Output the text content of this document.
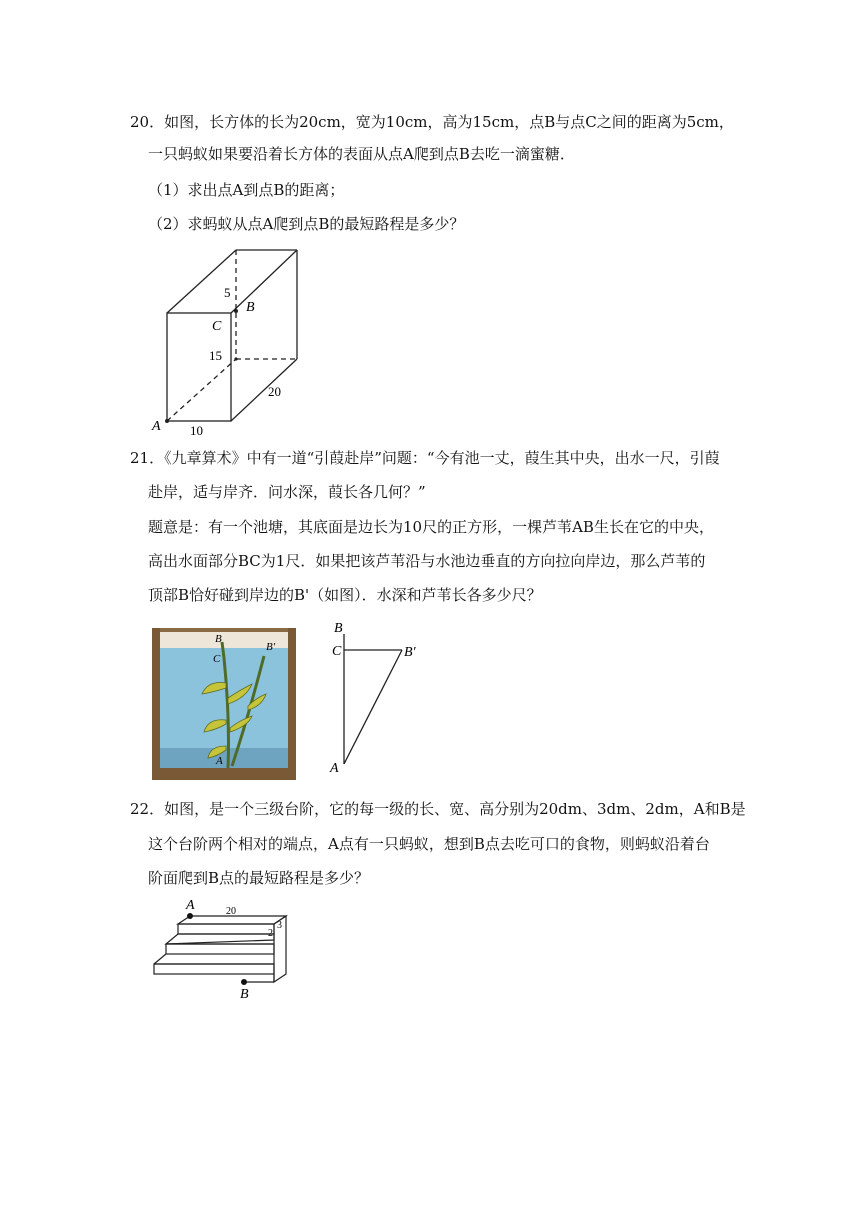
20．如图，长方体的长为20cm，宽为10cm，高为15cm，点B与点C之间的距离为5cm，
一只蚂蚁如果要沿着长方体的表面从点A爬到点B去吃一滴蜜糖．
（1）求出点A到点B的距离；
（2）求蚂蚁从点A爬到点B的最短路程是多少？
B
C
5
15
20
10
A
21．《九章算术》中有一道“引葭赴岸”问题：“今有池一丈，葭生其中央，出水一尺，引葭
赴岸，适与岸齐．问水深，葭长各几何？”
题意是：有一个池塘，其底面是边长为10尺的正方形，一棵芦苇AB生长在它的中央，
高出水面部分BC为1尺．如果把该芦苇沿与水池边垂直的方向拉向岸边，那么芦苇的
顶部B恰好碰到岸边的B'（如图）．水深和芦苇长各多少尺？
B
C
B'
A
B
C	B′
A
22．如图，是一个三级台阶，它的每一级的长、宽、高分别为20dm、3dm、2dm，A和B是
这个台阶两个相对的端点，A点有一只蚂蚁，想到B点去吃可口的食物，则蚂蚁沿着台
阶面爬到B点的最短路程是多少？
A	20
2
3
B
